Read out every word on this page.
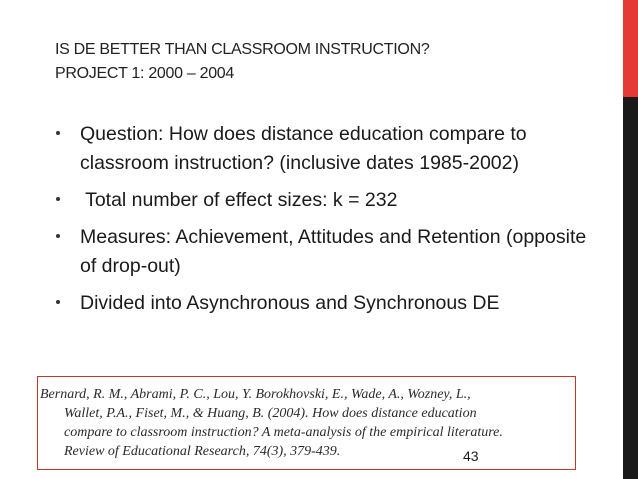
IS DE BETTER THAN CLASSROOM INSTRUCTION?
PROJECT 1: 2000 – 2004
Question: How does distance education compare to classroom instruction? (inclusive dates 1985-2002)
Total number of effect sizes: k = 232
Measures: Achievement, Attitudes and Retention (opposite of drop-out)
Divided into Asynchronous and Synchronous DE
Bernard, R. M., Abrami, P. C., Lou, Y. Borokhovski, E., Wade, A., Wozney, L.,
Wallet, P.A., Fiset, M., & Huang, B. (2004). How does distance education
compare to classroom instruction? A meta-analysis of the empirical literature.
Review of Educational Research, 74(3), 379-439.	43
